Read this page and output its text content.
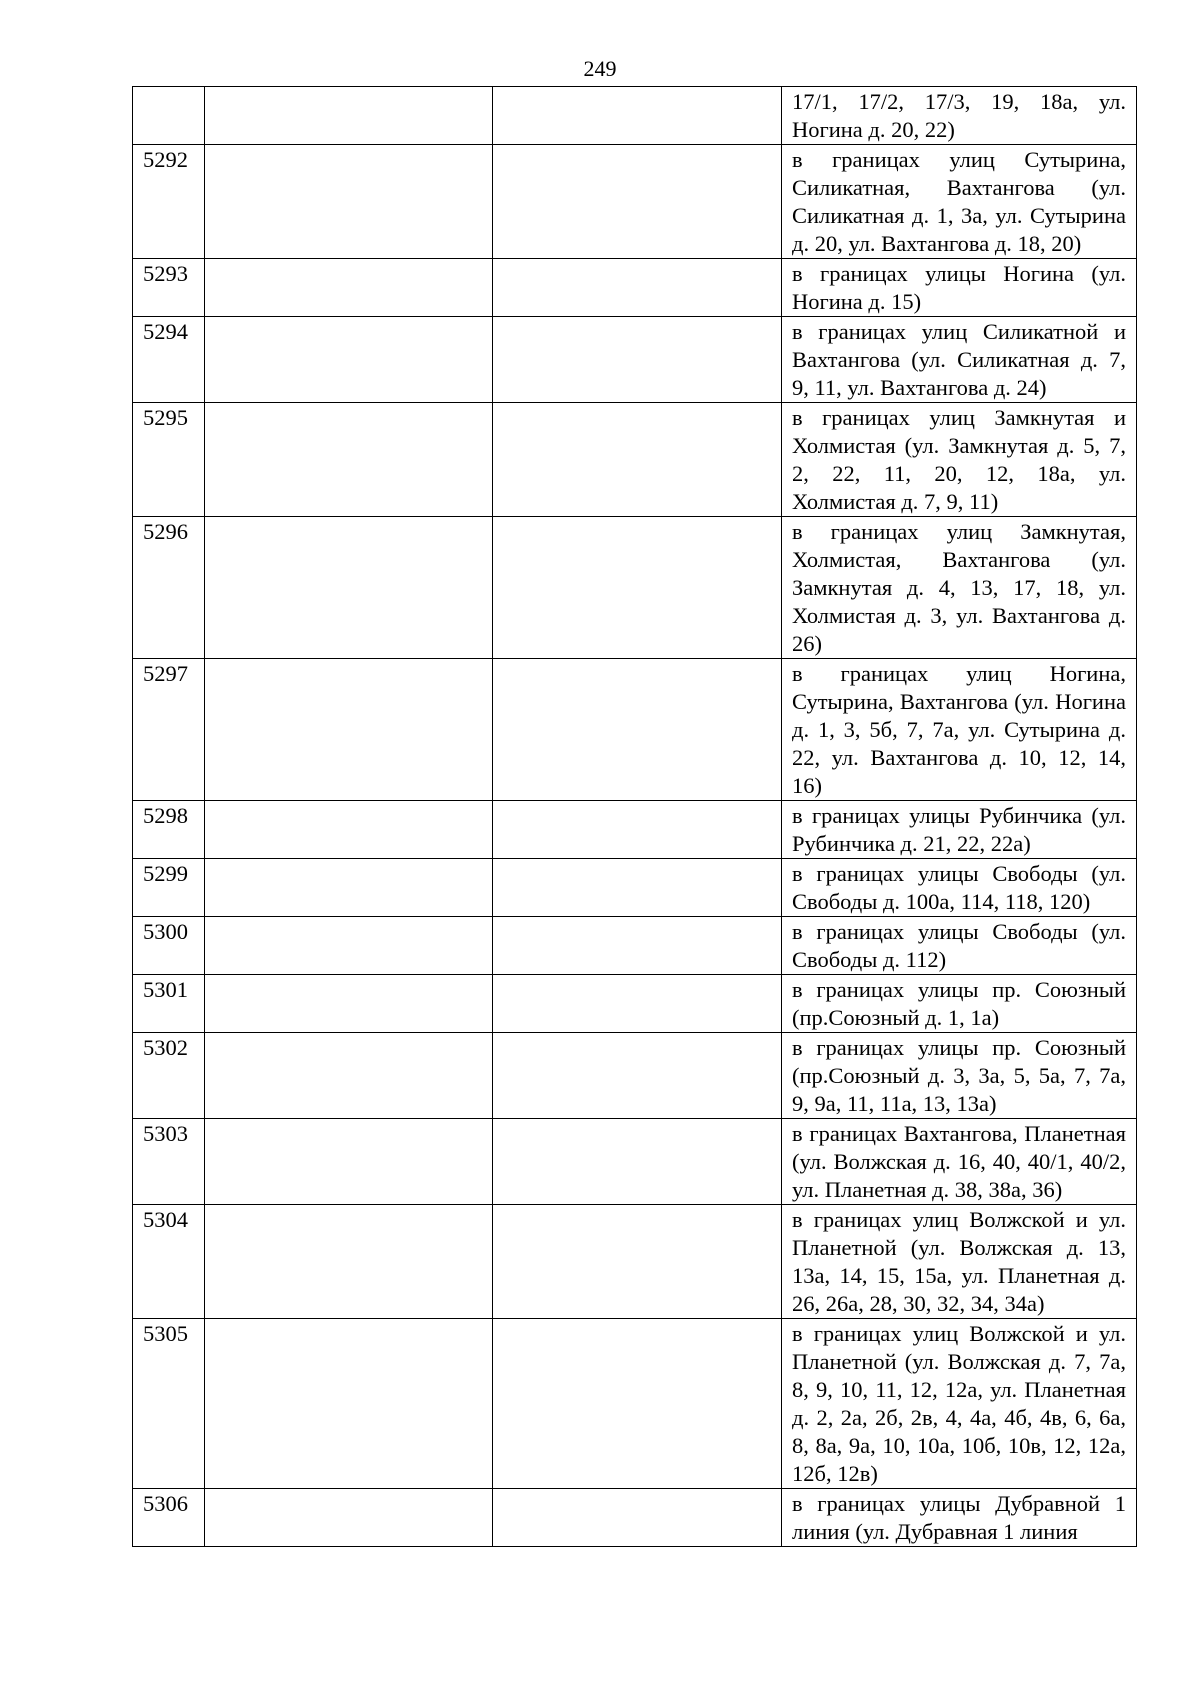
249
			17/1, 17/2, 17/3, 19, 18а, ул. Ногина д. 20, 22)
5292			в границах улиц Сутырина, Силикатная, Вахтангова (ул. Силикатная д. 1, 3а, ул. Сутырина д. 20, ул. Вахтангова д. 18, 20)
5293			в границах улицы Ногина (ул. Ногина д. 15)
5294			в границах улиц Силикатной и Вахтангова (ул. Силикатная д. 7, 9, 11, ул. Вахтангова д. 24)
5295			в границах улиц Замкнутая и Холмистая (ул. Замкнутая д. 5, 7, 2, 22, 11, 20, 12, 18а, ул. Холмистая д. 7, 9, 11)
5296			в границах улиц Замкнутая, Холмистая, Вахтангова (ул. Замкнутая д. 4, 13, 17, 18, ул. Холмистая д. 3, ул. Вахтангова д. 26)
5297			в границах улиц Ногина, Сутырина, Вахтангова (ул. Ногина д. 1, 3, 5б, 7, 7а, ул. Сутырина д. 22, ул. Вахтангова д. 10, 12, 14, 16)
5298			в границах улицы Рубинчика (ул. Рубинчика д. 21, 22, 22а)
5299			в границах улицы Свободы (ул. Свободы д. 100а, 114, 118, 120)
5300			в границах улицы Свободы (ул. Свободы д. 112)
5301			в границах улицы пр. Союзный (пр.Союзный д. 1, 1а)
5302			в границах улицы пр. Союзный (пр.Союзный д. 3, 3а, 5, 5а, 7, 7а, 9, 9а, 11, 11а, 13, 13а)
5303			в границах Вахтангова, Планетная (ул. Волжская д. 16, 40, 40/1, 40/2, ул. Планетная д. 38, 38а, 36)
5304			в границах улиц Волжской и ул. Планетной (ул. Волжская д. 13, 13а, 14, 15, 15а, ул. Планетная д. 26, 26а, 28, 30, 32, 34, 34а)
5305			в границах улиц Волжской и ул. Планетной (ул. Волжская д. 7, 7а, 8, 9, 10, 11, 12, 12а, ул. Планетная д. 2, 2а, 2б, 2в, 4, 4а, 4б, 4в, 6, 6а, 8, 8а, 9а, 10, 10а, 10б, 10в, 12, 12а, 12б, 12в)
5306			в границах улицы Дубравной 1 линия (ул. Дубравная 1 линия
